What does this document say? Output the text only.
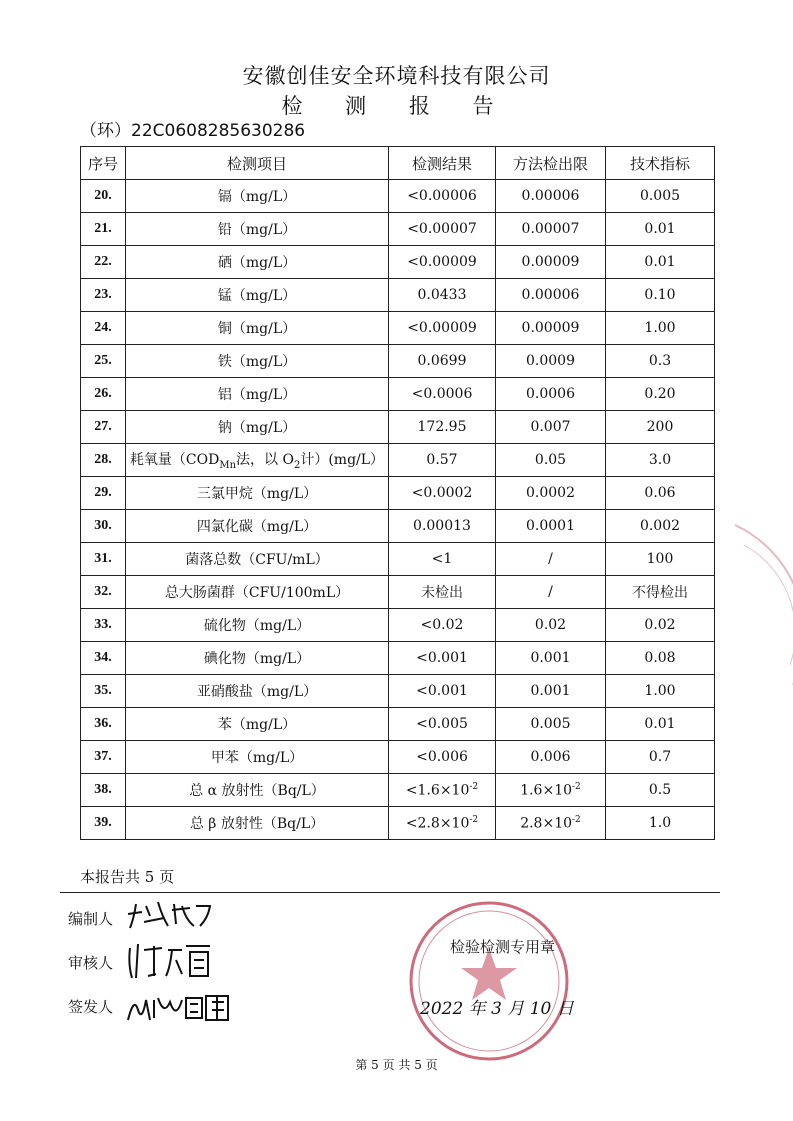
安徽创佳安全环境科技有限公司
检 测 报 告
（环）22C0608285630286
序号	检测项目	检测结果	方法检出限	技术指标
20.	镉（mg/L）	<0.00006	0.00006	0.005
21.	铅（mg/L）	<0.00007	0.00007	0.01
22.	硒（mg/L）	<0.00009	0.00009	0.01
23.	锰（mg/L）	0.0433	0.00006	0.10
24.	铜（mg/L）	<0.00009	0.00009	1.00
25.	铁（mg/L）	0.0699	0.0009	0.3
26.	铝（mg/L）	<0.0006	0.0006	0.20
27.	钠（mg/L）	172.95	0.007	200
28.	耗氧量（$COD_{Mn}$法，以 $O_2$计）(mg/L）	0.57	0.05	3.0
29.	三氯甲烷（mg/L）	<0.0002	0.0002	0.06
30.	四氯化碳（mg/L）	0.00013	0.0001	0.002
31.	菌落总数（CFU/mL）	<1	/	100
32.	总大肠菌群（CFU/100mL）	未检出	/	不得检出
33.	硫化物（mg/L）	<0.02	0.02	0.02
34.	碘化物（mg/L）	<0.001	0.001	0.08
35.	亚硝酸盐（mg/L）	<0.001	0.001	1.00
36.	苯（mg/L）	<0.005	0.005	0.01
37.	甲苯（mg/L）	<0.006	0.006	0.7
38.	总 α 放射性（Bq/L）	$<1.6\times 10^{-2}$	$1.6\times 10^{-2}$	0.5
39.	总 β 放射性（Bq/L）	$<2.8\times 10^{-2}$	$2.8\times 10^{-2}$	1.0
本报告共 5 页
编制人
审核人
签发人
检验检测专用章
2022 年 3 月 10 日
第 5 页 共 5 页
